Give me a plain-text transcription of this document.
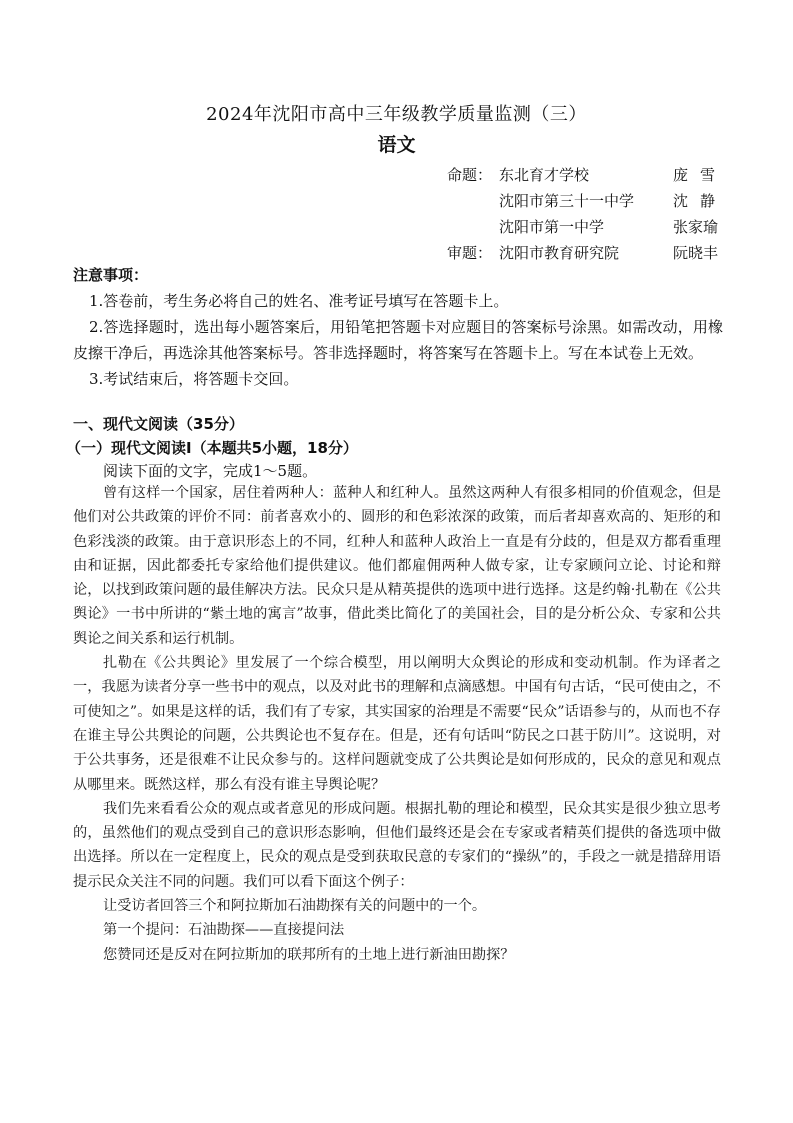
2024年沈阳市高中三年级教学质量监测（三）
语文
命题： 东北育才学校	庞雪
沈阳市第三十一中学	沈静
沈阳市第一中学	张家瑜
审题： 沈阳市教育研究院	阮晓丰
注意事项：
1.答卷前，考生务必将自己的姓名、准考证号填写在答题卡上。
2.答选择题时，选出每小题答案后，用铅笔把答题卡对应题目的答案标号涂黑。如需改动，用橡皮擦干净后，再选涂其他答案标号。答非选择题时，将答案写在答题卡上。写在本试卷上无效。
3.考试结束后，将答题卡交回。
一、现代文阅读（35分）
（一）现代文阅读Ⅰ（本题共5小题，18分）
阅读下面的文字，完成1～5题。

曾有这样一个国家，居住着两种人：蓝种人和红种人。虽然这两种人有很多相同的价值观念，但是他们对公共政策的评价不同：前者喜欢小的、圆形的和色彩浓深的政策，而后者却喜欢高的、矩形的和色彩浅淡的政策。由于意识形态上的不同，红种人和蓝种人政治上一直是有分歧的，但是双方都看重理由和证据，因此都委托专家给他们提供建议。他们都雇佣两种人做专家，让专家顾问立论、讨论和辩论，以找到政策问题的最佳解决方法。民众只是从精英提供的选项中进行选择。这是约翰·扎勒在《公共舆论》一书中所讲的“紫土地的寓言”故事，借此类比简化了的美国社会，目的是分析公众、专家和公共舆论之间关系和运行机制。

扎勒在《公共舆论》里发展了一个综合模型，用以阐明大众舆论的形成和变动机制。作为译者之一，我愿为读者分享一些书中的观点，以及对此书的理解和点滴感想。中国有句古话，“民可使由之，不可使知之”。如果是这样的话，我们有了专家，其实国家的治理是不需要“民众”话语参与的，从而也不存在谁主导公共舆论的问题，公共舆论也不复存在。但是，还有句话叫“防民之口甚于防川”。这说明，对于公共事务，还是很难不让民众参与的。这样问题就变成了公共舆论是如何形成的，民众的意见和观点从哪里来。既然这样，那么有没有谁主导舆论呢？

我们先来看看公众的观点或者意见的形成问题。根据扎勒的理论和模型，民众其实是很少独立思考的，虽然他们的观点受到自己的意识形态影响，但他们最终还是会在专家或者精英们提供的备选项中做出选择。所以在一定程度上，民众的观点是受到获取民意的专家们的“操纵”的，手段之一就是措辞用语提示民众关注不同的问题。我们可以看下面这个例子：

让受访者回答三个和阿拉斯加石油勘探有关的问题中的一个。

第一个提问：石油勘探——直接提问法

您赞同还是反对在阿拉斯加的联邦所有的土地上进行新油田勘探？
